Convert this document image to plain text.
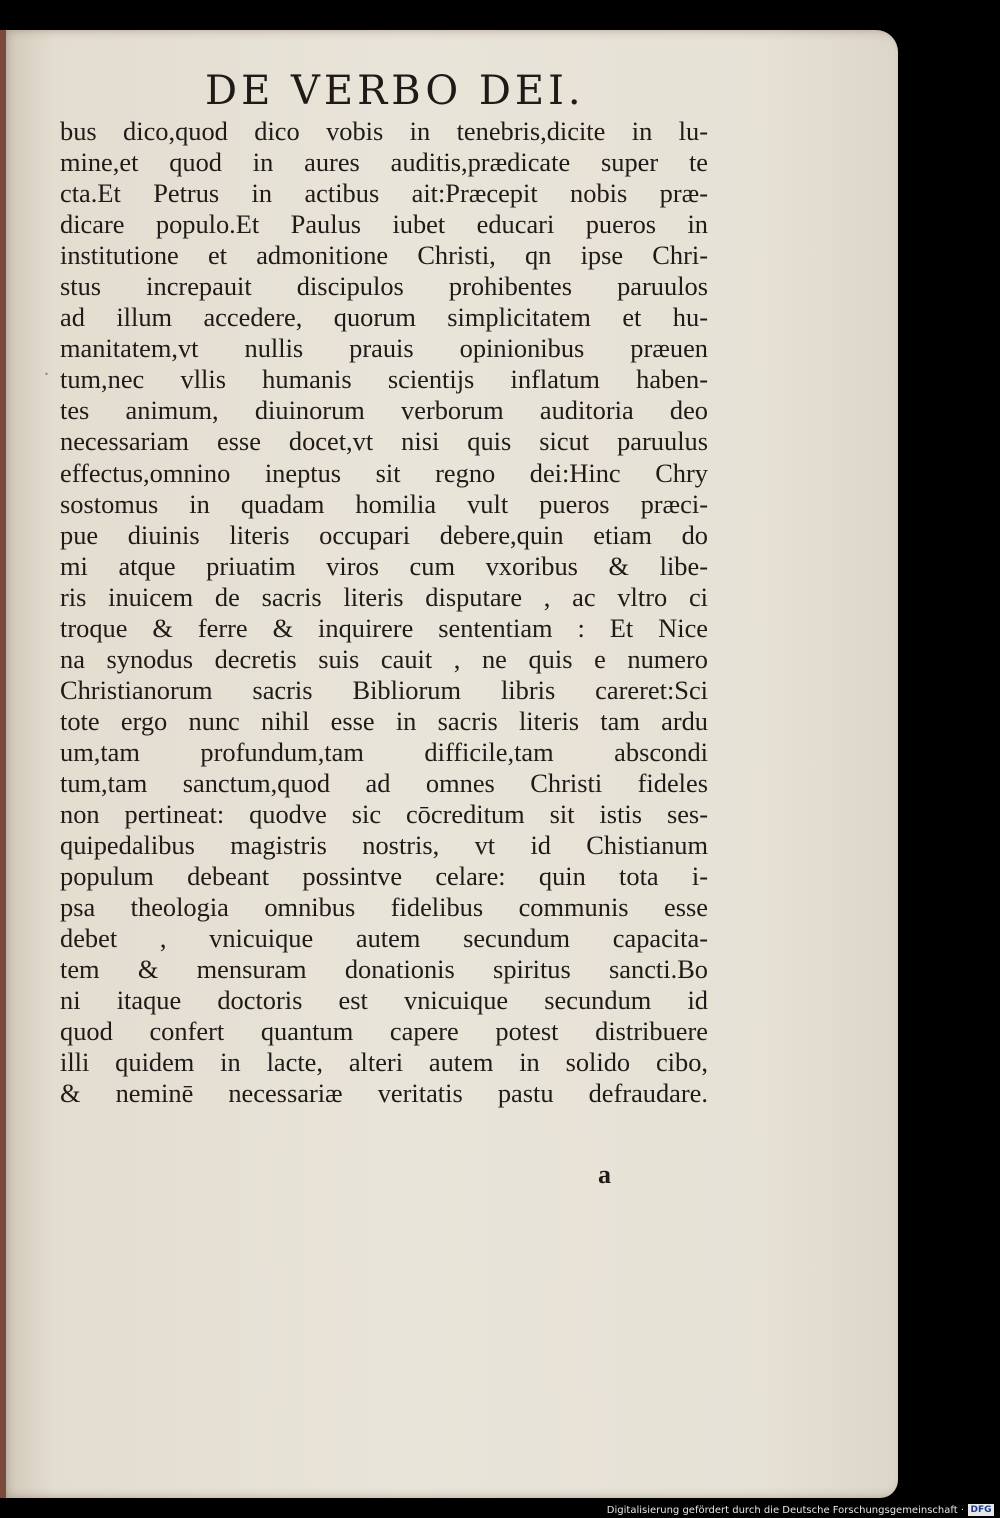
DE VERBO DEI.
.
bus dico,quod dico vobis in tenebris,dicite in lu-
mine,et quod in aures auditis,prædicate super te
cta.Et Petrus in actibus ait:Præcepit nobis præ-
dicare populo.Et Paulus iubet educari pueros in
institutione et admonitione Christi, qn ipse Chri-
stus increpauit discipulos prohibentes paruulos
ad illum accedere, quorum simplicitatem et hu-
manitatem,vt nullis prauis opinionibus præuen
tum,nec vllis humanis scientijs inflatum haben-
tes animum, diuinorum verborum auditoria deo
necessariam esse docet,vt nisi quis sicut paruulus
effectus,omnino ineptus sit regno dei:Hinc Chry
sostomus in quadam homilia vult pueros præci-
pue diuinis literis occupari debere,quin etiam do
mi atque priuatim viros cum vxoribus & libe-
ris inuicem de sacris literis disputare , ac vltro ci
troque & ferre & inquirere sententiam : Et Nice
na synodus decretis suis cauit , ne quis e numero
Christianorum sacris Bibliorum libris careret:Sci
tote ergo nunc nihil esse in sacris literis tam ardu
um,tam profundum,tam difficile,tam abscondi
tum,tam sanctum,quod ad omnes Christi fideles
non pertineat: quodve sic cōcreditum sit istis ses-
quipedalibus magistris nostris, vt id Chistianum
populum debeant possintve celare: quin tota i-
psa theologia omnibus fidelibus communis esse
debet , vnicuique autem secundum capacita-
tem & mensuram donationis spiritus sancti.Bo
ni itaque doctoris est vnicuique secundum id
quod confert quantum capere potest distribuere
illi quidem in lacte, alteri autem in solido cibo,
& neminē necessariæ veritatis pastu defraudare.
a
Digitalisierung gefördert durch die Deutsche Forschungsgemeinschaft · DFG
